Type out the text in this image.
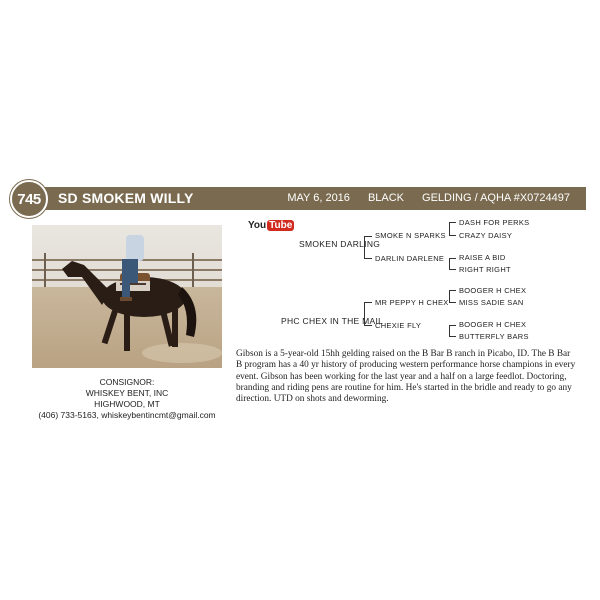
SD SMOKEM WILLY	MAY 6, 2016 BLACK GELDING / AQHA #X0724497
745
CONSIGNOR:
WHISKEY BENT, INC
HIGHWOOD, MT
(406) 733-5163, whiskeybentincmt@gmail.com
You Tube
SMOKEN DARLING
SMOKE N SPARKS
DARLIN DARLENE
DASH FOR PERKS
CRAZY DAISY
RAISE A BID
RIGHT RIGHT
PHC CHEX IN THE MAIL
MR PEPPY H CHEX
CHEXIE FLY
BOOGER H CHEX
MISS SADIE SAN
BOOGER H CHEX
BUTTERFLY BARS
Gibson is a 5-year-old 15hh gelding raised on the B Bar B ranch in Picabo, ID. The B Bar B program has a 40 yr history of producing western performance horse champions in every event. Gibson has been working for the last year and a half on a large feedlot. Doctoring, branding and riding pens are routine for him. He's started in the bridle and ready to go any direction. UTD on shots and deworming.
